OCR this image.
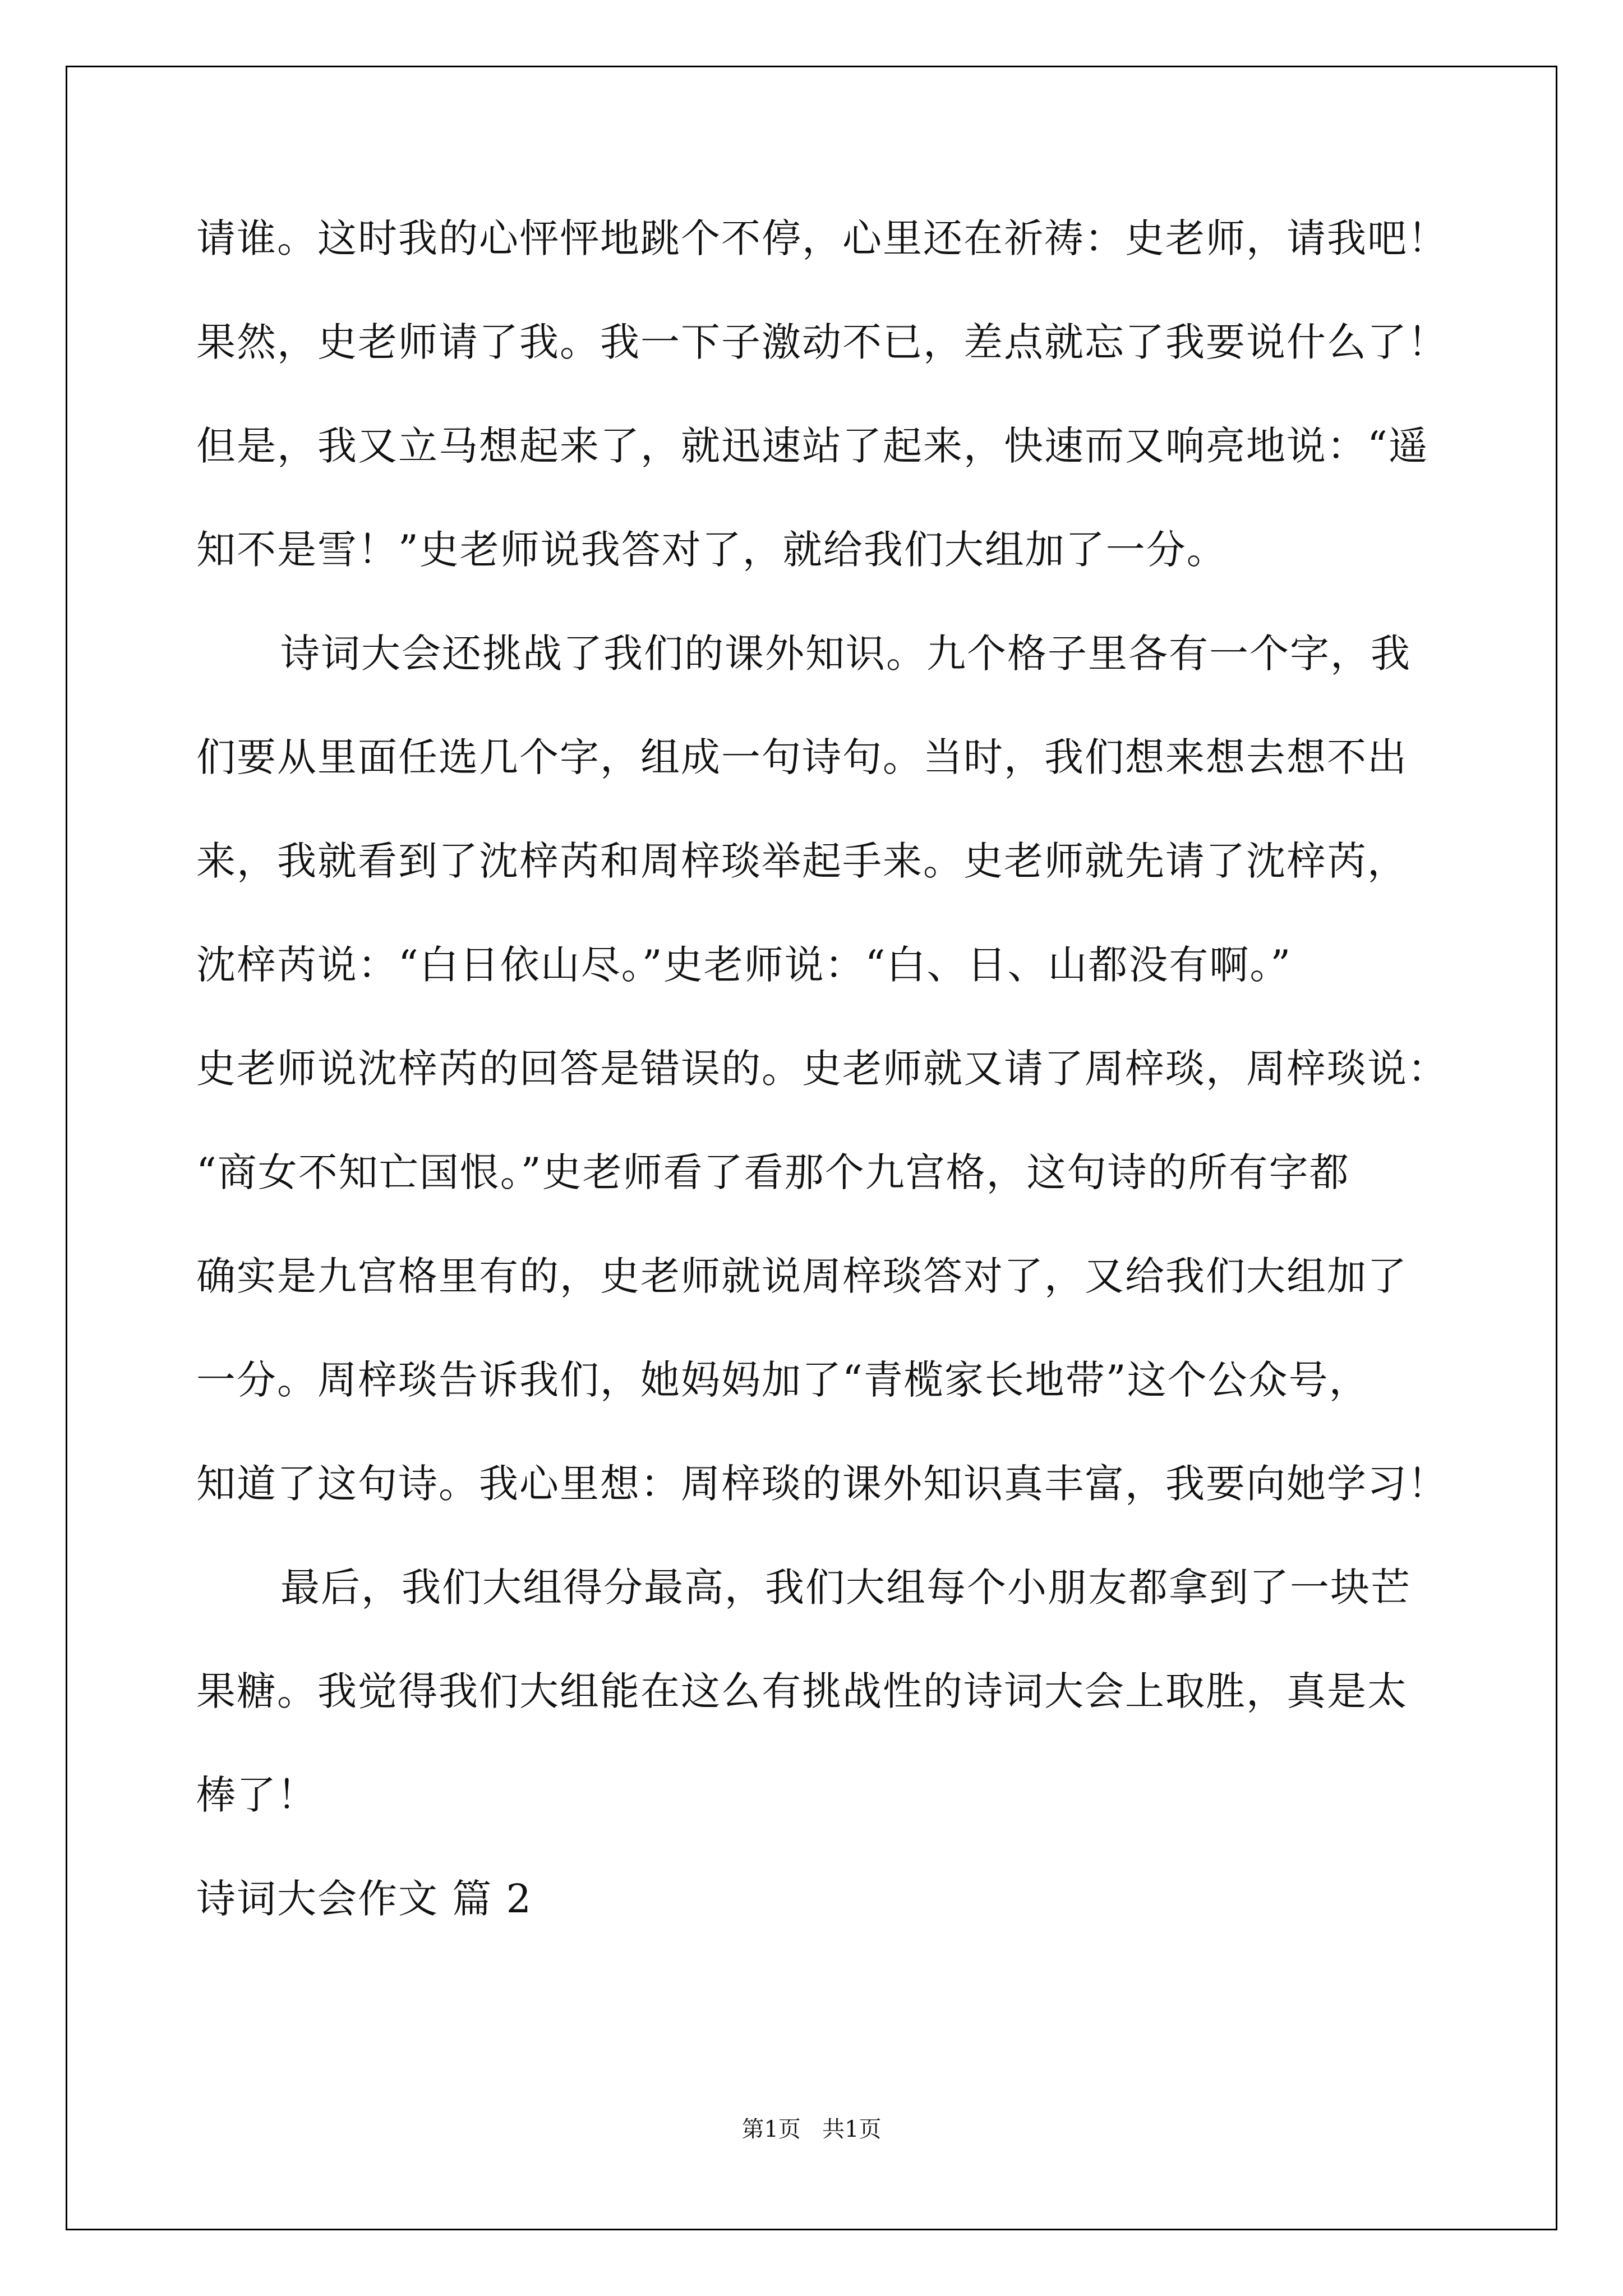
请谁。这时我的心怦怦地跳个不停，心里还在祈祷：史老师，请我吧！
果然，史老师请了我。我一下子激动不已，差点就忘了我要说什么了！
但是，我又立马想起来了，就迅速站了起来，快速而又响亮地说：“遥
知不是雪！”史老师说我答对了，就给我们大组加了一分。
诗词大会还挑战了我们的课外知识。九个格子里各有一个字，我
们要从里面任选几个字，组成一句诗句。当时，我们想来想去想不出
来，我就看到了沈梓芮和周梓琰举起手来。史老师就先请了沈梓芮，
沈梓芮说：“白日依山尽。”史老师说：“白、日、山都没有啊。”
史老师说沈梓芮的回答是错误的。史老师就又请了周梓琰，周梓琰说：
“商女不知亡国恨。”史老师看了看那个九宫格，这句诗的所有字都
确实是九宫格里有的，史老师就说周梓琰答对了，又给我们大组加了
一分。周梓琰告诉我们，她妈妈加了“青榄家长地带”这个公众号，
知道了这句诗。我心里想：周梓琰的课外知识真丰富，我要向她学习！
最后，我们大组得分最高，我们大组每个小朋友都拿到了一块芒
果糖。我觉得我们大组能在这么有挑战性的诗词大会上取胜，真是太
棒了！
诗词大会作文 篇 2
第1页   共1页
